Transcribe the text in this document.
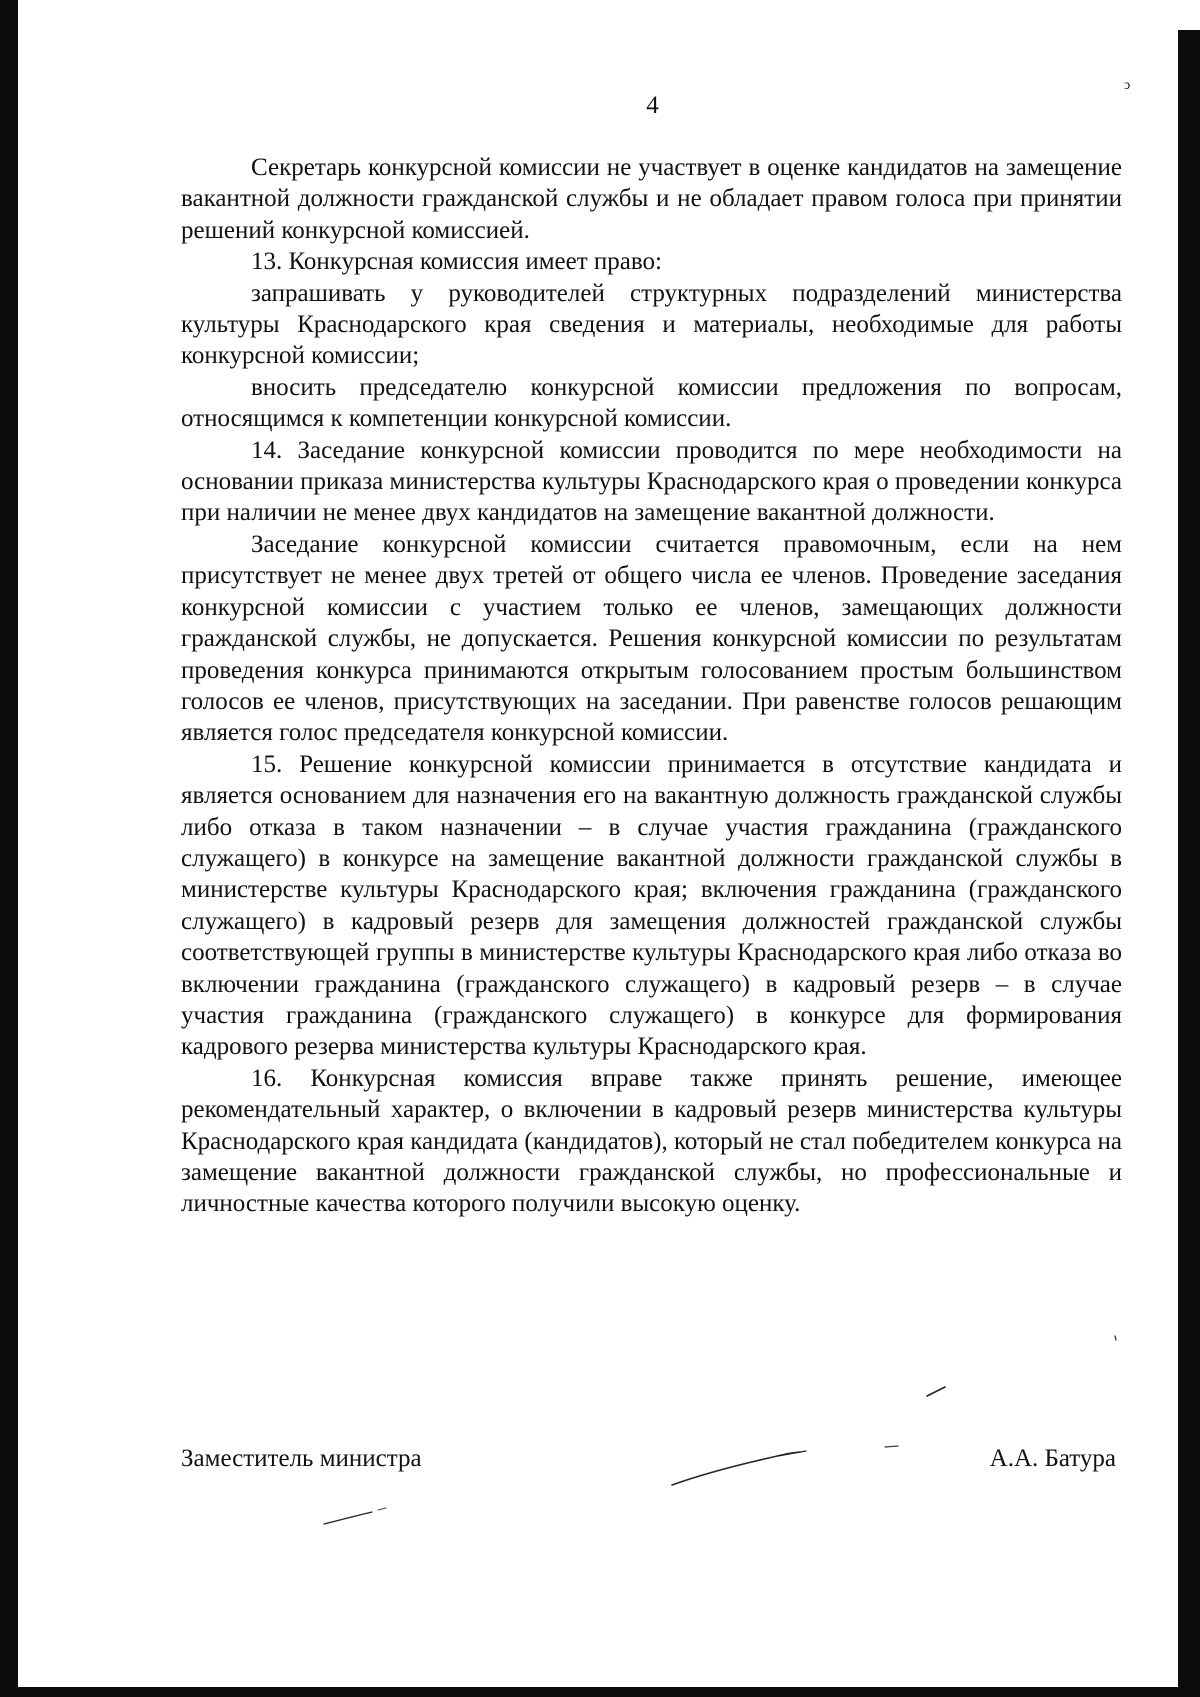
4
ͻ

Секретарь конкурсной комиссии не участвует в оценке кандидатов на замещение вакантной должности гражданской службы и не обладает правом голоса при принятии решений конкурсной комиссией.

13. Конкурсная комиссия имеет право:

запрашивать у руководителей структурных подразделений министерства культуры Краснодарского края сведения и материалы, необходимые для работы конкурсной комиссии;

вносить председателю конкурсной комиссии предложения по вопросам, относящимся к компетенции конкурсной комиссии.

14. Заседание конкурсной комиссии проводится по мере необходимости на основании приказа министерства культуры Краснодарского края о проведении конкурса при наличии не менее двух кандидатов на замещение вакантной должности.

Заседание конкурсной комиссии считается правомочным, если на нем присутствует не менее двух третей от общего числа ее членов. Проведение заседания конкурсной комиссии с участием только ее членов, замещающих должности гражданской службы, не допускается. Решения конкурсной комиссии по результатам проведения конкурса принимаются открытым голосованием простым большинством голосов ее членов, присутствующих на заседании. При равенстве голосов решающим является голос председателя конкурсной комиссии.

15. Решение конкурсной комиссии принимается в отсутствие кандидата и является основанием для назначения его на вакантную должность гражданской службы либо отказа в таком назначении – в случае участия гражданина (гражданского служащего) в конкурсе на замещение вакантной должности гражданской службы в министерстве культуры Краснодарского края; включения гражданина (гражданского служащего) в кадровый резерв для замещения должностей гражданской службы соответствующей группы в министерстве культуры Краснодарского края либо отказа во включении гражданина (гражданского служащего) в кадровый резерв – в случае участия гражданина (гражданского служащего) в конкурсе для формирования кадрового резерва министерства культуры Краснодарского края.

16. Конкурсная комиссия вправе также принять решение, имеющее рекомендательный характер, о включении в кадровый резерв министерства культуры Краснодарского края кандидата (кандидатов), который не стал победителем конкурса на замещение вакантной должности гражданской службы, но профессиональные и личностные качества которого получили высокую оценку.

Заместитель министра	А.А. Батура
